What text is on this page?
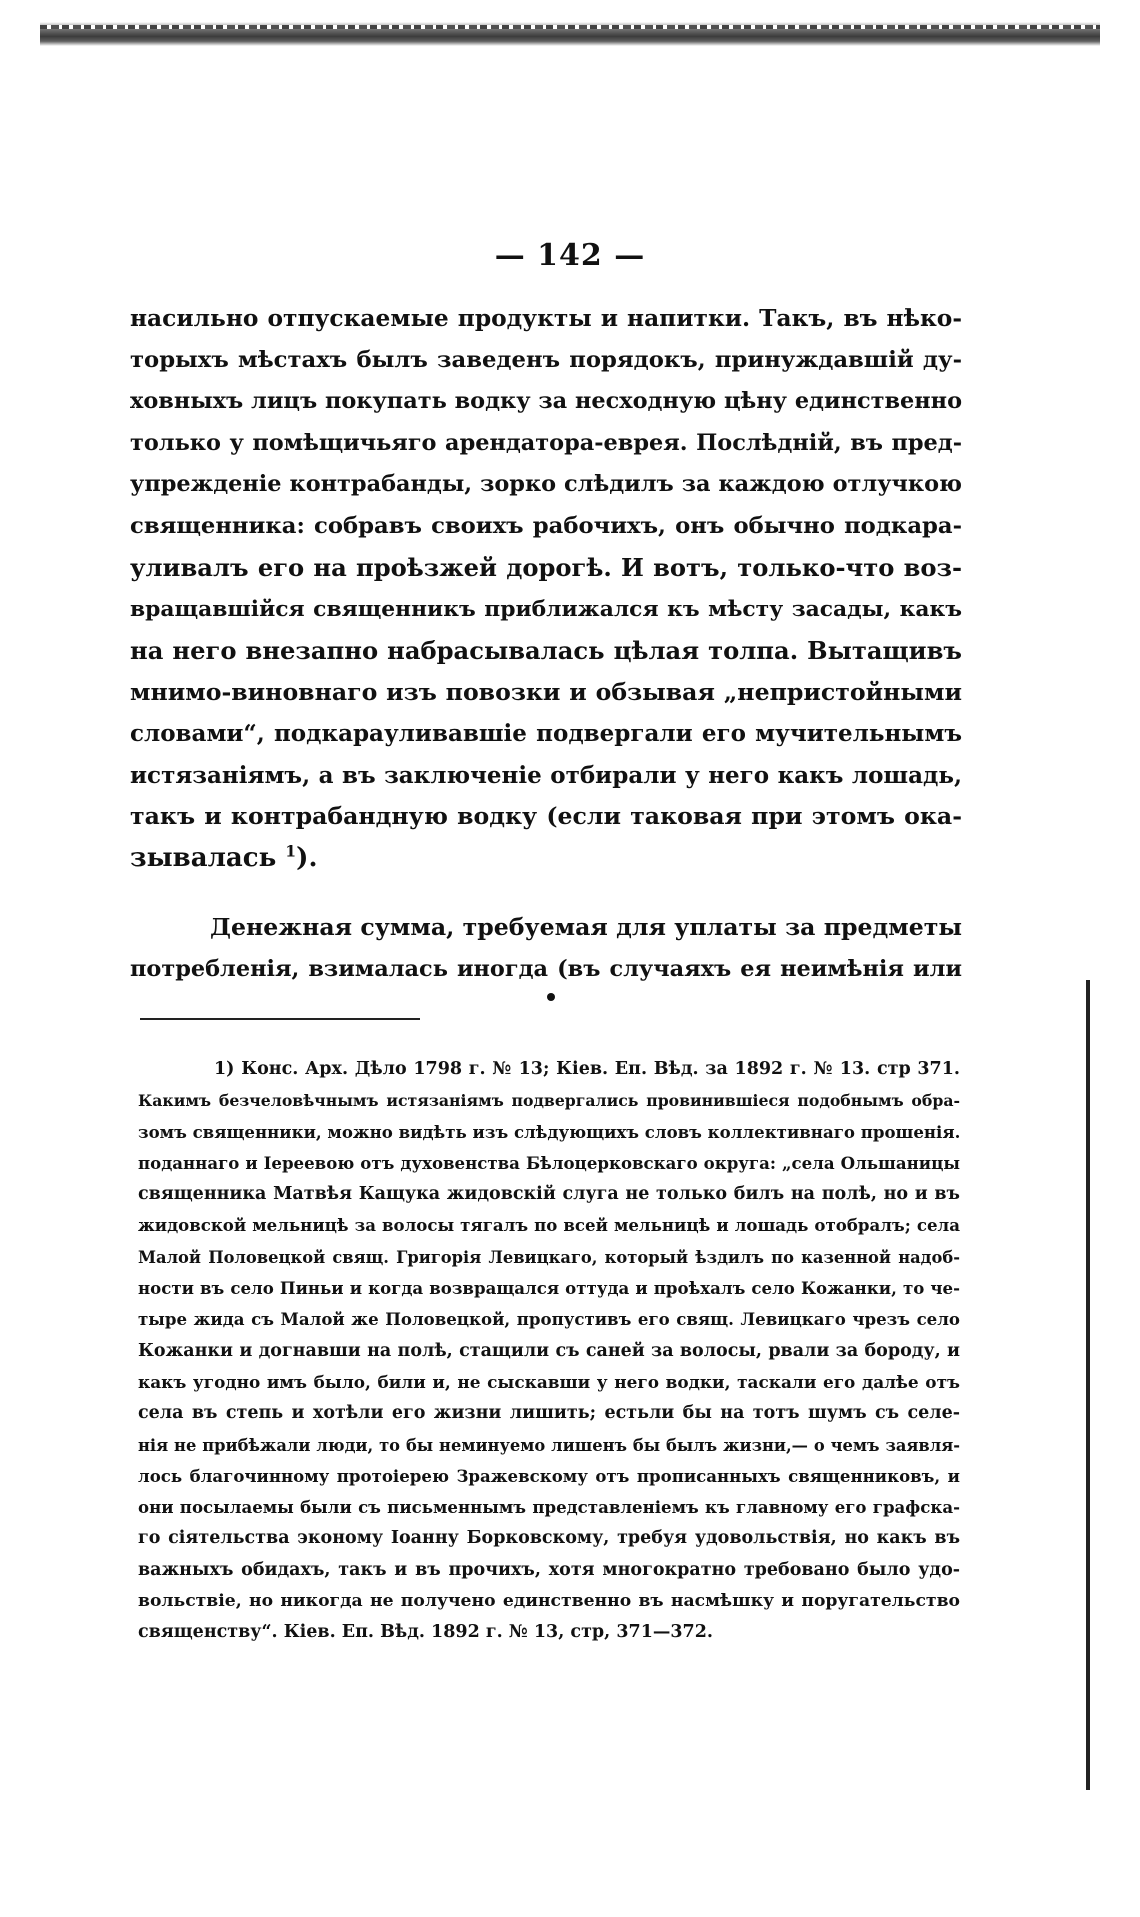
— 142 —

насильно отпускаемые продукты и напитки. Такъ, въ нѣко-
торыхъ мѣстахъ былъ заведенъ порядокъ, принуждавшій ду-
ховныхъ лицъ покупать водку за несходную цѣну единственно
только у помѣщичьяго арендатора-еврея. Послѣдній, въ пред-
упрежденіе контрабанды, зорко слѣдилъ за каждою отлучкою
священника: собравъ своихъ рабочихъ, онъ обычно подкара-
уливалъ его на проѣзжей дорогѣ. И вотъ, только-что воз-
вращавшійся священникъ приближался къ мѣсту засады, какъ
на него внезапно набрасывалась цѣлая толпа. Вытащивъ
мнимо-виновнаго изъ повозки и обзывая „непристойными
словами“, подкарауливавшіе подвергали его мучительнымъ
истязаніямъ, а въ заключеніе отбирали у него какъ лошадь,
такъ и контрабандную водку (если таковая при этомъ ока-
зывалась $^1$).

Денежная сумма, требуемая для уплаты за предметы
потребленія, взималась иногда (въ случаяхъ ея неимѣнія или

1) Конс. Арх. Дѣло 1798 г. № 13; Кіев. Еп. Вѣд. за 1892 г. № 13. стр 371.
Какимъ безчеловѣчнымъ истязаніямъ подвергались провинившіеся подобнымъ обра-
зомъ священники, можно видѣть изъ слѣдующихъ словъ коллективнаго прошенія.
поданнаго и Іереевою отъ духовенства Бѣлоцерковскаго округа: „села Ольшаницы
священника Матвѣя Кащука жидовскій слуга не только билъ на полѣ, но и въ
жидовской мельницѣ за волосы тягалъ по всей мельницѣ и лошадь отобралъ; села
Малой Половецкой свящ. Григорія Левицкаго, который ѣздилъ по казенной надоб-
ности въ село Пиньи и когда возвращался оттуда и проѣхалъ село Кожанки, то че-
тыре жида съ Малой же Половецкой, пропустивъ его свящ. Левицкаго чрезъ село
Кожанки и догнавши на полѣ, стащили съ саней за волосы, рвали за бороду, и
какъ угодно имъ было, били и, не сыскавши у него водки, таскали его далѣе отъ
села въ степь и хотѣли его жизни лишить; естьли бы на тотъ шумъ съ селе-
нія не прибѣжали люди, то бы неминуемо лишенъ бы былъ жизни,— о чемъ заявля-
лось благочинному протоіерею Зражевскому отъ прописанныхъ священниковъ, и
они посылаемы были съ письменнымъ представленіемъ къ главному его графска-
го сіятельства эконому Іоанну Борковскому, требуя удовольствія, но какъ въ
важныхъ обидахъ, такъ и въ прочихъ, хотя многократно требовано было удо-
вольствіе, но никогда не получено единственно въ насмѣшку и поругательство
священству“. Кіев. Еп. Вѣд. 1892 г. № 13, стр, 371—372.
